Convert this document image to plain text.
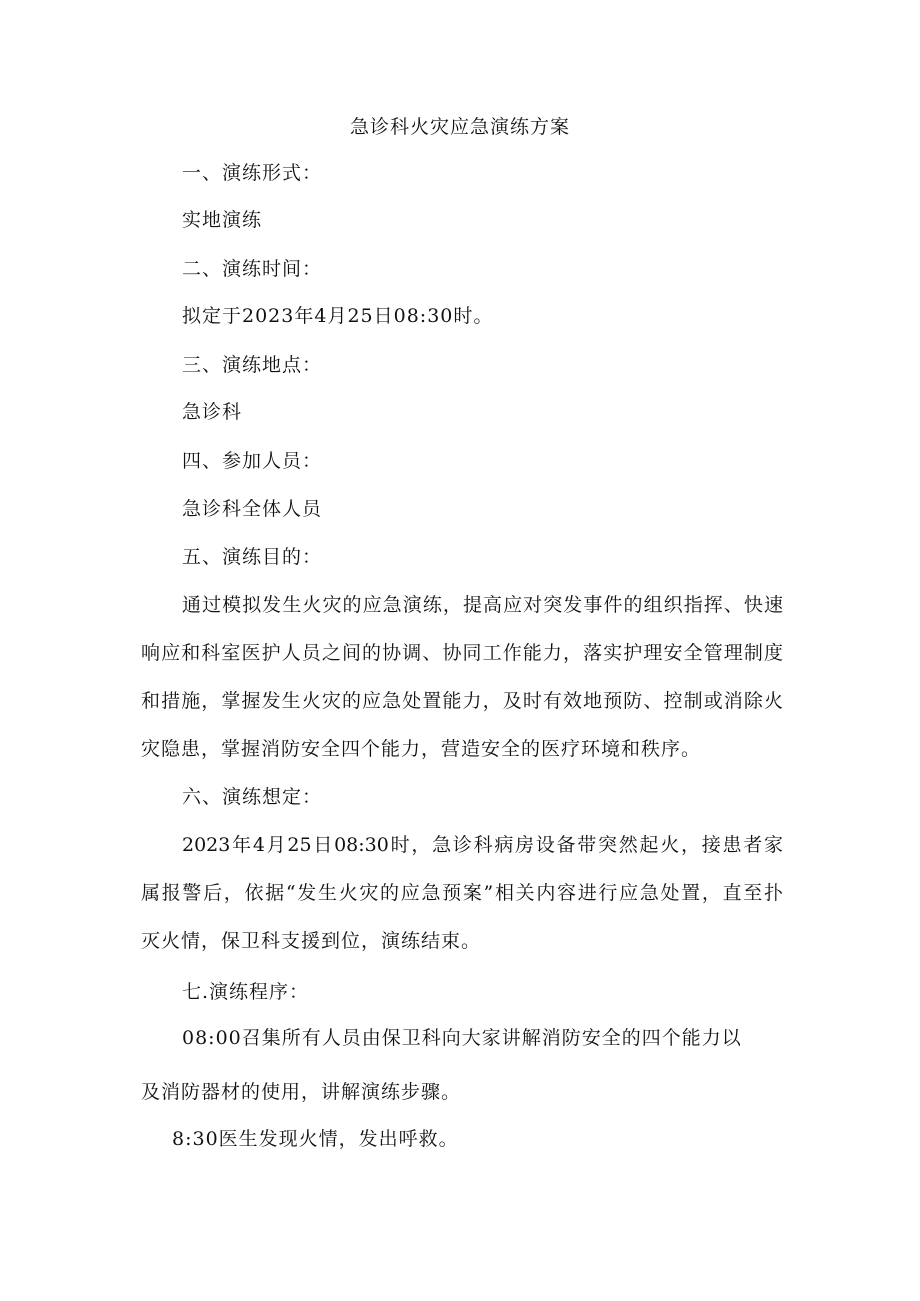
急诊科火灾应急演练方案
一、演练形式：
实地演练
二、演练时间：
拟定于2023年4月25日08:30时。
三、演练地点：
急诊科
四、参加人员：
急诊科全体人员
五、演练目的：
通过模拟发生火灾的应急演练，提高应对突发事件的组织指挥、快速
响应和科室医护人员之间的协调、协同工作能力，落实护理安全管理制度
和措施，掌握发生火灾的应急处置能力，及时有效地预防、控制或消除火
灾隐患，掌握消防安全四个能力，营造安全的医疗环境和秩序。
六、演练想定：
2023年4月25日08:30时，急诊科病房设备带突然起火，接患者家
属报警后，依据“发生火灾的应急预案”相关内容进行应急处置，直至扑
灭火情，保卫科支援到位，演练结束。
七.演练程序：
08:00召集所有人员由保卫科向大家讲解消防安全的四个能力以
及消防器材的使用，讲解演练步骤。
8:30医生发现火情，发出呼救。
